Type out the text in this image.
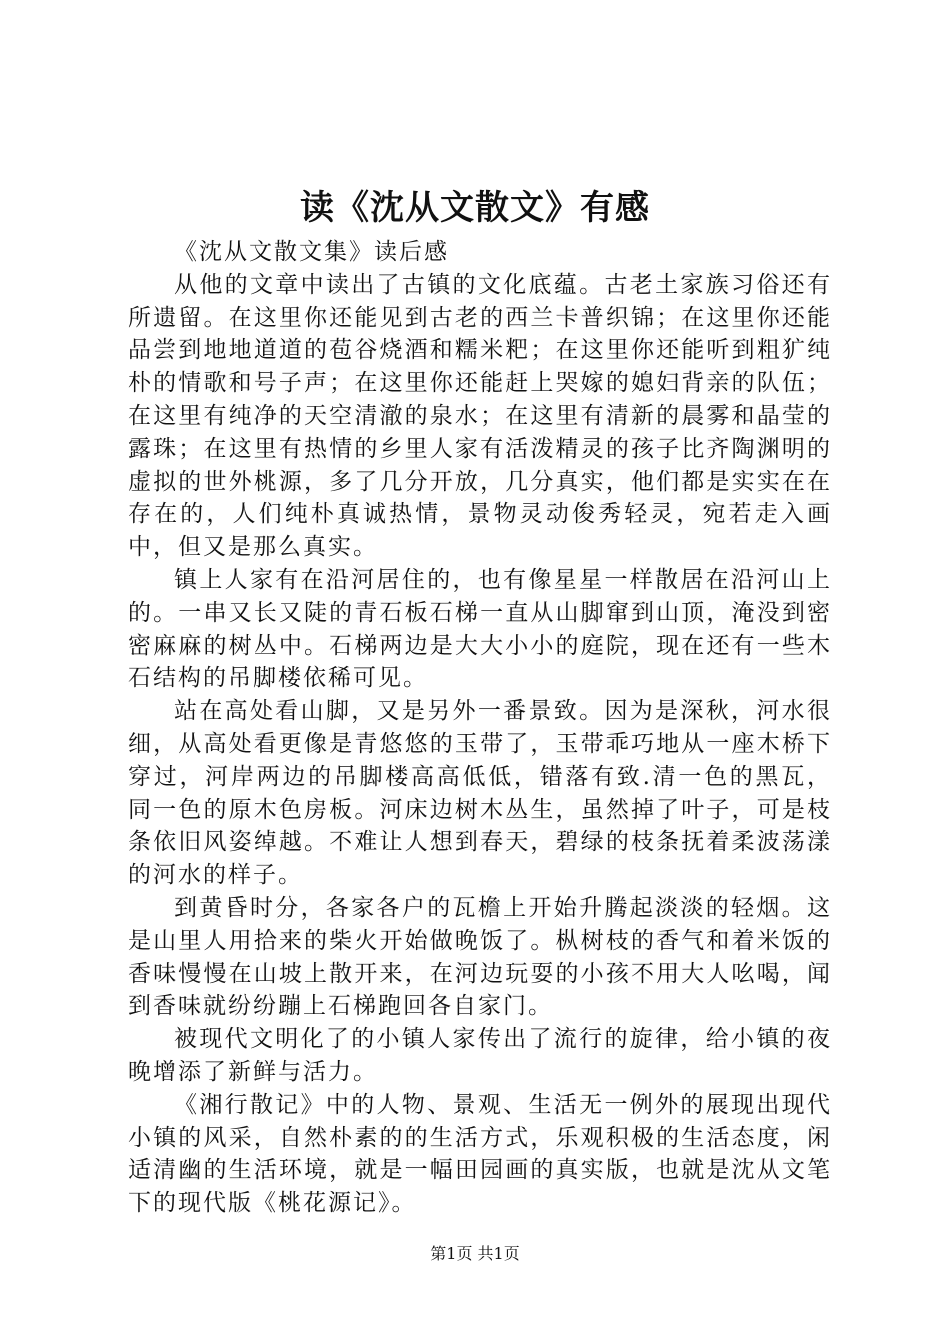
读《沈从文散文》有感

《沈从文散文集》读后感

从他的文章中读出了古镇的文化底蕴。古老土家族习俗还有所遗留。在这里你还能见到古老的西兰卡普织锦；在这里你还能品尝到地地道道的苞谷烧酒和糯米粑；在这里你还能听到粗犷纯朴的情歌和号子声；在这里你还能赶上哭嫁的媳妇背亲的队伍；在这里有纯净的天空清澈的泉水；在这里有清新的晨雾和晶莹的露珠；在这里有热情的乡里人家有活泼精灵的孩子比齐陶渊明的虚拟的世外桃源，多了几分开放，几分真实，他们都是实实在在存在的，人们纯朴真诚热情，景物灵动俊秀轻灵，宛若走入画中，但又是那么真实。

镇上人家有在沿河居住的，也有像星星一样散居在沿河山上的。一串又长又陡的青石板石梯一直从山脚窜到山顶，淹没到密密麻麻的树丛中。石梯两边是大大小小的庭院，现在还有一些木石结构的吊脚楼依稀可见。

站在高处看山脚，又是另外一番景致。因为是深秋，河水很细，从高处看更像是青悠悠的玉带了，玉带乖巧地从一座木桥下穿过，河岸两边的吊脚楼高高低低，错落有致.清一色的黑瓦，同一色的原木色房板。河床边树木丛生，虽然掉了叶子，可是枝条依旧风姿绰越。不难让人想到春天，碧绿的枝条抚着柔波荡漾的河水的样子。

到黄昏时分，各家各户的瓦檐上开始升腾起淡淡的轻烟。这是山里人用拾来的柴火开始做晚饭了。枞树枝的香气和着米饭的香味慢慢在山坡上散开来，在河边玩耍的小孩不用大人吆喝，闻到香味就纷纷蹦上石梯跑回各自家门。

被现代文明化了的小镇人家传出了流行的旋律，给小镇的夜晚增添了新鲜与活力。

《湘行散记》中的人物、景观、生活无一例外的展现出现代小镇的风采，自然朴素的的生活方式，乐观积极的生活态度，闲适清幽的生活环境，就是一幅田园画的真实版，也就是沈从文笔下的现代版《桃花源记》。

第1页 共1页
